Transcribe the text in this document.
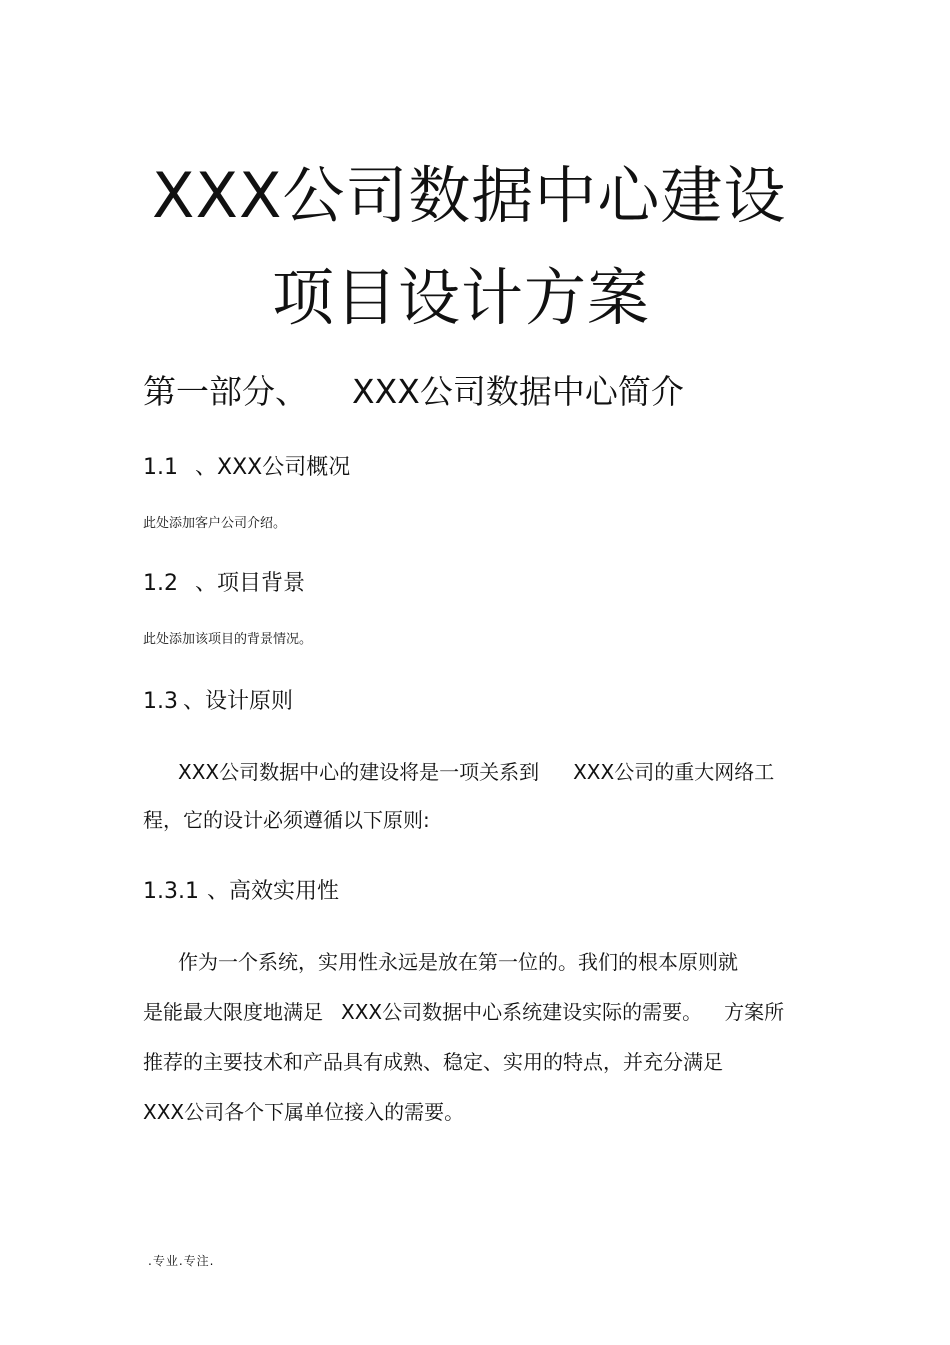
XXX公司数据中心建设
项目设计方案
第一部分、 XXX公司数据中心简介
1.1 、XXX公司概况

此处添加客户公司介绍。

1.2 、项目背景

此处添加该项目的背景情况。

1.3 、设计原则

XXX公司数据中心的建设将是一项关系到 XXX公司的重大网络工

程，它的设计必须遵循以下原则:

1.3.1 、高效实用性

作为一个系统，实用性永远是放在第一位的。我们的根本原则就

是能最大限度地满足 XXX公司数据中心系统建设实际的需要。 方案所

推荐的主要技术和产品具有成熟、稳定、实用的特点，并充分满足

XXX公司各个下属单位接入的需要。

.专业.专注.
